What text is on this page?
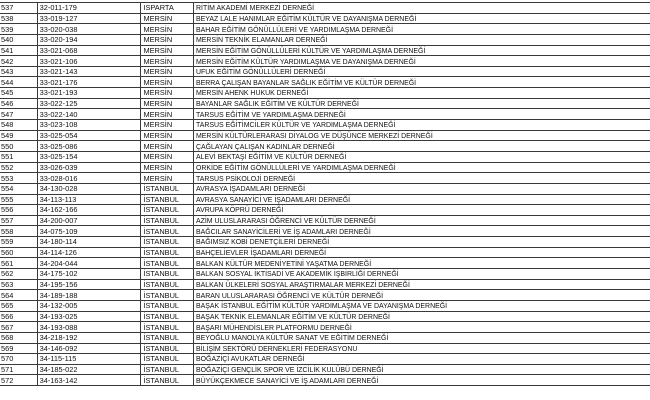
537	32-011-179	ISPARTA	RİTİM AKADEMİ MERKEZİ DERNEĞİ
538	33-019-127	MERSİN	BEYAZ LALE HANIMLAR EĞİTİM KÜLTÜR VE DAYANIŞMA DERNEĞİ
539	33-020-038	MERSİN	BAHAR EĞİTİM GÖNÜLLÜLERİ VE YARDIMLAŞMA DERNEĞİ
540	33-020-194	MERSİN	MERSİN TEKNİK ELAMANLAR DERNEĞİ
541	33-021-068	MERSİN	MERSİN EĞİTİM GÖNÜLLÜLERİ KÜLTÜR VE YARDIMLAŞMA DERNEĞİ
542	33-021-106	MERSİN	MERSİN EĞİTİM KÜLTÜR YARDIMLAŞMA VE DAYANIŞMA DERNEĞİ
543	33-021-143	MERSİN	UFUK EĞİTİM GÖNÜLLÜLERİ DERNEĞİ
544	33-021-176	MERSİN	BERRA ÇALIŞAN BAYANLAR SAĞLIK EĞİTİM VE KÜLTÜR DERNEĞİ
545	33-021-193	MERSİN	MERSİN AHENK HUKUK DERNEĞİ
546	33-022-125	MERSİN	BAYANLAR SAĞLIK EĞİTİM VE KÜLTÜR DERNEĞİ
547	33-022-140	MERSİN	TARSUS EĞİTİM VE YARDIMLAŞMA DERNEĞİ
548	33-023-108	MERSİN	TARSUS EĞİTİMCİLER KÜLTÜR VE YARDIMLAŞMA DERNEĞİ
549	33-025-054	MERSİN	MERSİN KÜLTÜRLERARASI DİYALOG VE DÜŞÜNCE MERKEZİ DERNEĞİ
550	33-025-086	MERSİN	ÇAĞLAYAN ÇALIŞAN KADINLAR DERNEĞİ
551	33-025-154	MERSİN	ALEVİ BEKTAŞİ EĞİTİM VE KÜLTÜR DERNEĞİ
552	33-026-039	MERSİN	ORKİDE EĞİTİM GÖNÜLLÜLERİ VE YARDIMLAŞMA DERNEĞİ
553	33-028-016	MERSİN	TARSUS PSİKOLOJİ DERNEĞİ
554	34-130-028	İSTANBUL	AVRASYA İŞADAMLARI DERNEĞİ
555	34-113-113	İSTANBUL	AVRASYA SANAYİCİ VE İŞADAMLARI DERNEĞİ
556	34-162-166	İSTANBUL	AVRUPA KÖPRÜ DERNEĞİ
557	34-200-007	İSTANBUL	AZİM ULUSLARARASI ÖĞRENCİ VE KÜLTÜR DERNEĞİ
558	34-075-109	İSTANBUL	BAĞCILAR SANAYİCİLERİ VE İŞ ADAMLARI DERNEĞİ
559	34-180-114	İSTANBUL	BAĞIMSIZ KOBİ DENETÇİLERİ DERNEĞİ
560	34-114-126	İSTANBUL	BAHÇELİEVLER İŞADAMLARI DERNEĞİ
561	34-204-044	İSTANBUL	BALKAN KÜLTÜR MEDENİYETİNİ YAŞATMA DERNEĞİ
562	34-175-102	İSTANBUL	BALKAN SOSYAL İKTİSADİ VE AKADEMİK İŞBİRLİĞİ DERNEĞİ
563	34-195-156	İSTANBUL	BALKAN ÜLKELERİ SOSYAL ARAŞTIRMALAR MERKEZİ DERNEĞİ
564	34-189-188	İSTANBUL	BARAN ULUSLARARASI ÖĞRENCİ VE KÜLTÜR DERNEĞİ
565	34-132-005	İSTANBUL	BAŞAK İSTANBUL EĞİTİM KÜLTÜR YARDIMLAŞMA VE DAYANIŞMA DERNEĞİ
566	34-193-025	İSTANBUL	BAŞAK TEKNİK ELEMANLAR EĞİTİM VE KÜLTÜR DERNEĞİ
567	34-193-088	İSTANBUL	BAŞARI MÜHENDİSLER PLATFORMU DERNEĞİ
568	34-218-192	İSTANBUL	BEYOĞLU MANOLYA KÜLTÜR SANAT VE EĞİTİM DERNEĞİ
569	34-146-092	İSTANBUL	BİLİŞİM SEKTÖRÜ DERNEKLERİ FEDERASYONU
570	34-115-115	İSTANBUL	BOĞAZİÇİ AVUKATLAR DERNEĞİ
571	34-185-022	İSTANBUL	BOĞAZİÇİ GENÇLİK SPOR VE İZCİLİK KULÜBÜ DERNEĞİ
572	34-163-142	İSTANBUL	BÜYÜKÇEKMECE SANAYİCİ VE İŞ ADAMLARI DERNEĞİ
